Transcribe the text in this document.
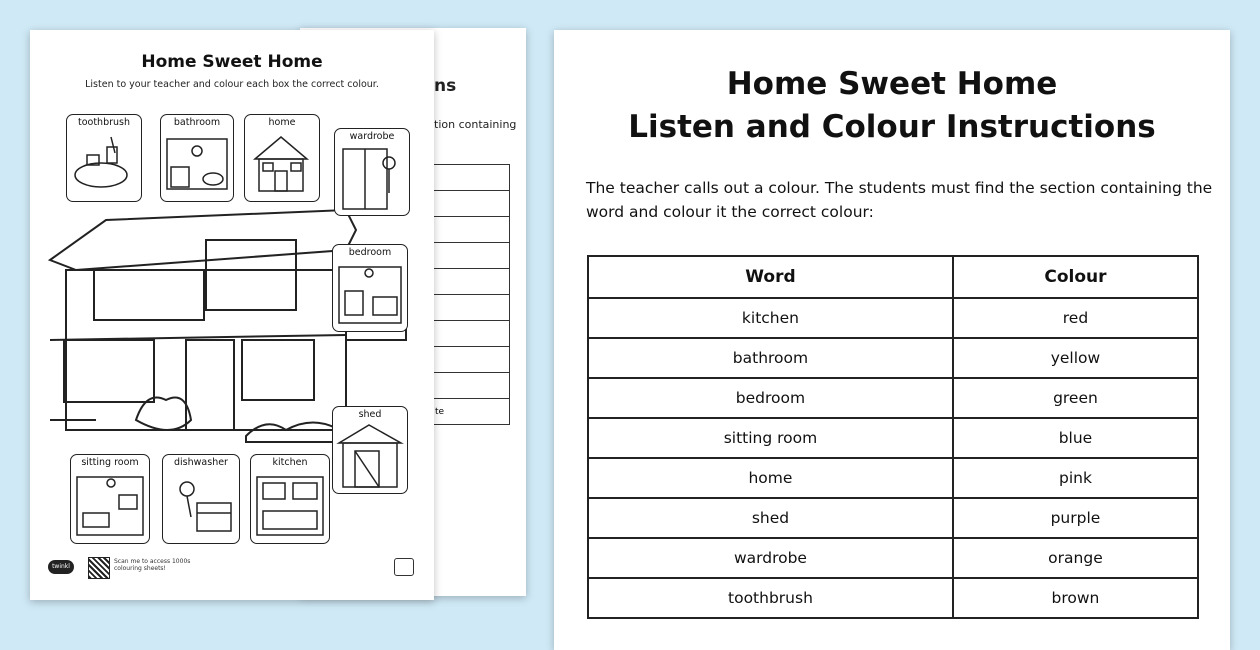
ns
tion containing
te
Home Sweet Home
Listen to your teacher and colour each box the correct colour.
toothbrush	bathroom	home
wardrobe
bedroom
shed
sitting room	dishwasher	kitchen
twinkl
Scan me to access 1000s colouring sheets!
Home Sweet Home
Listen and Colour Instructions
The teacher calls out a colour. The students must find the section containing the word and colour it the correct colour:
Word	Colour
kitchen	red
bathroom	yellow
bedroom	green
sitting room	blue
home	pink
shed	purple
wardrobe	orange
toothbrush	brown
